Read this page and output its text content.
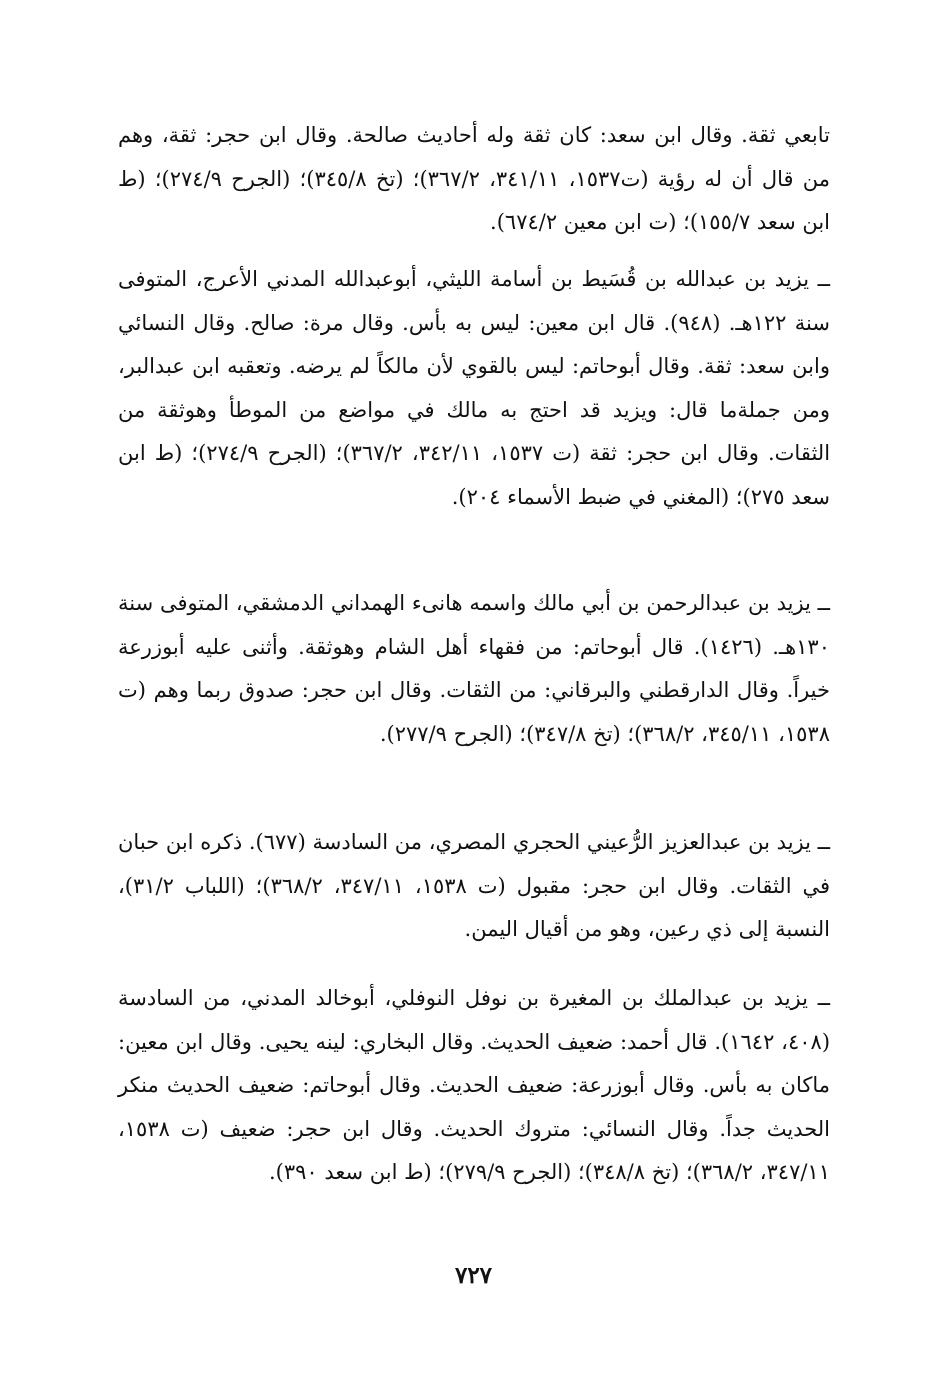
تابعي ثقة. وقال ابن سعد: كان ثقة وله أحاديث صالحة. وقال ابن حجر: ثقة، وهم من قال أن له رؤية (ت١٥٣٧، ٣٤١/١١، ٣٦٧/٢)؛ (تخ ٣٤٥/٨)؛ (الجرح ٢٧٤/٩)؛ (ط ابن سعد ١٥٥/٧)؛ (ت ابن معين ٦٧٤/٢).

ــ يزيد بن عبدالله بن قُسَيط بن أسامة الليثي، أبوعبدالله المدني الأعرج، المتوفى سنة ١٢٢هـ. (٩٤٨). قال ابن معين: ليس به بأس. وقال مرة: صالح. وقال النسائي وابن سعد: ثقة. وقال أبوحاتم: ليس بالقوي لأن مالكاً لم يرضه. وتعقبه ابن عبدالبر، ومن جملةما قال: ويزيد قد احتج به مالك في مواضع من الموطأ وهوثقة من الثقات. وقال ابن حجر: ثقة (ت ١٥٣٧، ٣٤٢/١١، ٣٦٧/٢)؛ (الجرح ٢٧٤/٩)؛ (ط ابن سعد ٢٧٥)؛ (المغني في ضبط الأسماء ٢٠٤).

ــ يزيد بن عبدالرحمن بن أبي مالك واسمه هانىء الهمداني الدمشقي، المتوفى سنة ١٣٠هـ. (١٤٢٦). قال أبوحاتم: من فقهاء أهل الشام وهوثقة. وأثنى عليه أبوزرعة خيراً. وقال الدارقطني والبرقاني: من الثقات. وقال ابن حجر: صدوق ربما وهم (ت ١٥٣٨، ٣٤٥/١١، ٣٦٨/٢)؛ (تخ ٣٤٧/٨)؛ (الجرح ٢٧٧/٩).

ــ يزيد بن عبدالعزيز الرُّعيني الحجري المصري، من السادسة (٦٧٧). ذكره ابن حبان في الثقات. وقال ابن حجر: مقبول (ت ١٥٣٨، ٣٤٧/١١، ٣٦٨/٢)؛ (اللباب ٣١/٢)، النسبة إلى ذي رعين، وهو من أقيال اليمن.

ــ يزيد بن عبدالملك بن المغيرة بن نوفل النوفلي، أبوخالد المدني، من السادسة (٤٠٨، ١٦٤٢). قال أحمد: ضعيف الحديث. وقال البخاري: لينه يحيى. وقال ابن معين: ماكان به بأس. وقال أبوزرعة: ضعيف الحديث. وقال أبوحاتم: ضعيف الحديث منكر الحديث جداً. وقال النسائي: متروك الحديث. وقال ابن حجر: ضعيف (ت ١٥٣٨، ٣٤٧/١١، ٣٦٨/٢)؛ (تخ ٣٤٨/٨)؛ (الجرح ٢٧٩/٩)؛ (ط ابن سعد ٣٩٠).

٧٢٧
